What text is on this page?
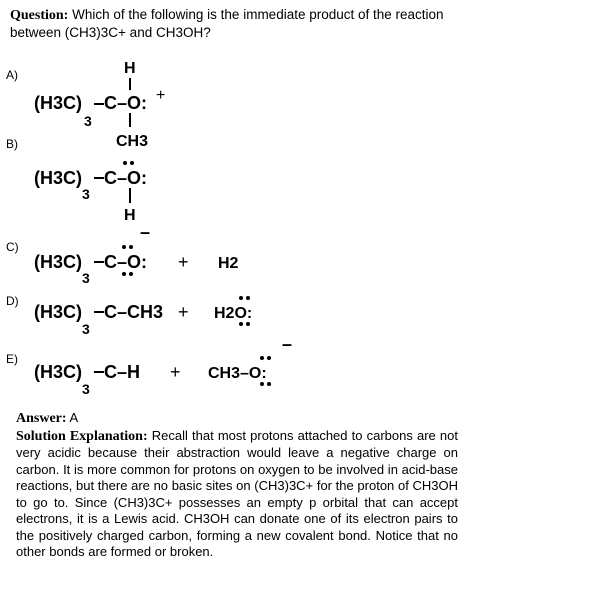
Question: Which of the following is the immediate product of the reaction between (CH3)3C+ and CH3OH?
A)
B)
C)
D)
E)
H
(H3C)
3
C–O: +
CH3
(H3C)
3
C–O:
H
–
(H3C)
3
C–O: + H2
(H3C)
3
C–CH3 + H2O:
(H3C)
3
C–H +
–
CH3–O:
Answer: A
Solution Explanation: Recall that most protons attached to carbons are not very acidic because their abstraction would leave a negative charge on carbon. It is more common for protons on oxygen to be involved in acid-base reactions, but there are no basic sites on (CH3)3C+ for the proton of CH3OH to go to. Since (CH3)3C+ possesses an empty p orbital that can accept electrons, it is a Lewis acid. CH3OH can donate one of its electron pairs to the positively charged carbon, forming a new covalent bond. Notice that no other bonds are formed or broken.
